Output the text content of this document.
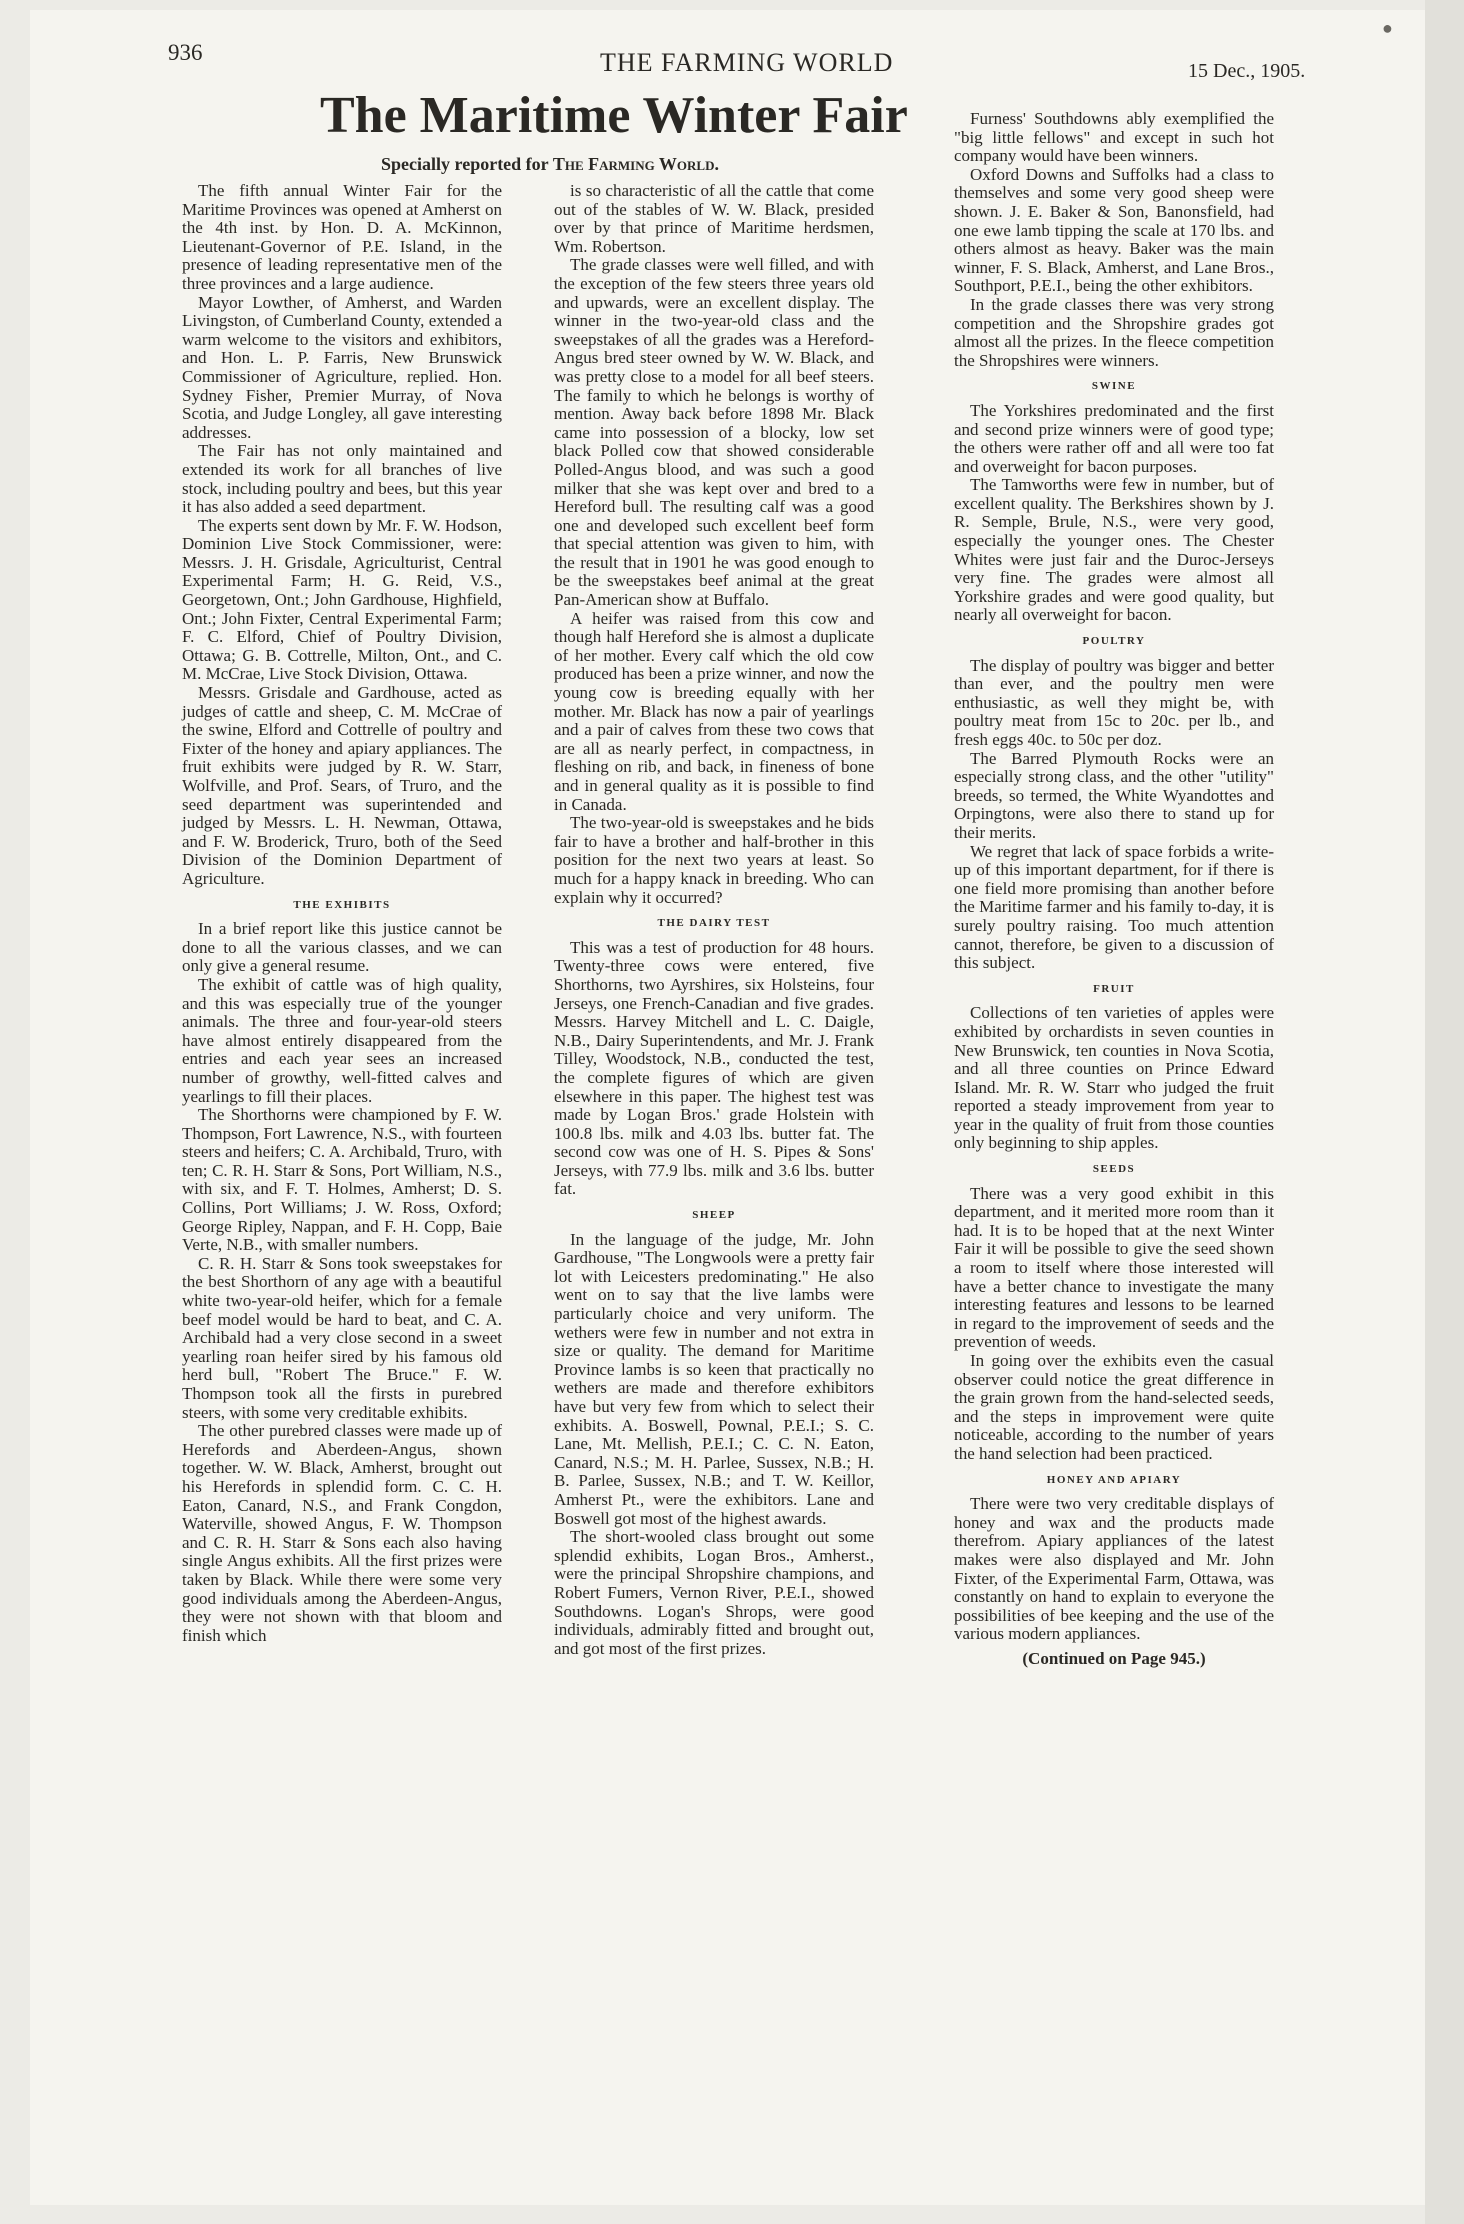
●
936	THE FARMING WORLD	15 Dec., 1905.
The Maritime Winter Fair
Specially reported for The Farming World.

The fifth annual Winter Fair for the Maritime Provinces was opened at Amherst on the 4th inst. by Hon. D. A. McKinnon, Lieutenant-Governor of P.E. Island, in the presence of leading representative men of the three provinces and a large audience.

Mayor Lowther, of Amherst, and Warden Livingston, of Cumberland County, extended a warm welcome to the visitors and exhibitors, and Hon. L. P. Farris, New Brunswick Commissioner of Agriculture, replied. Hon. Sydney Fisher, Premier Murray, of Nova Scotia, and Judge Longley, all gave interesting addresses.

The Fair has not only maintained and extended its work for all branches of live stock, including poultry and bees, but this year it has also added a seed department.

The experts sent down by Mr. F. W. Hodson, Dominion Live Stock Commissioner, were: Messrs. J. H. Grisdale, Agriculturist, Central Experimental Farm; H. G. Reid, V.S., Georgetown, Ont.; John Gardhouse, Highfield, Ont.; John Fixter, Central Experimental Farm; F. C. Elford, Chief of Poultry Division, Ottawa; G. B. Cottrelle, Milton, Ont., and C. M. McCrae, Live Stock Division, Ottawa.

Messrs. Grisdale and Gardhouse, acted as judges of cattle and sheep, C. M. McCrae of the swine, Elford and Cottrelle of poultry and Fixter of the honey and apiary appliances. The fruit exhibits were judged by R. W. Starr, Wolfville, and Prof. Sears, of Truro, and the seed department was superintended and judged by Messrs. L. H. Newman, Ottawa, and F. W. Broderick, Truro, both of the Seed Division of the Dominion Department of Agriculture.

THE EXHIBITS

In a brief report like this justice cannot be done to all the various classes, and we can only give a general resume.

The exhibit of cattle was of high quality, and this was especially true of the younger animals. The three and four-year-old steers have almost entirely disappeared from the entries and each year sees an increased number of growthy, well-fitted calves and yearlings to fill their places.

The Shorthorns were championed by F. W. Thompson, Fort Lawrence, N.S., with fourteen steers and heifers; C. A. Archibald, Truro, with ten; C. R. H. Starr & Sons, Port William, N.S., with six, and F. T. Holmes, Amherst; D. S. Collins, Port Williams; J. W. Ross, Oxford; George Ripley, Nappan, and F. H. Copp, Baie Verte, N.B., with smaller numbers.

C. R. H. Starr & Sons took sweepstakes for the best Shorthorn of any age with a beautiful white two-year-old heifer, which for a female beef model would be hard to beat, and C. A. Archibald had a very close second in a sweet yearling roan heifer sired by his famous old herd bull, "Robert The Bruce." F. W. Thompson took all the firsts in purebred steers, with some very creditable exhibits.

The other purebred classes were made up of Herefords and Aberdeen-Angus, shown together. W. W. Black, Amherst, brought out his Herefords in splendid form. C. C. H. Eaton, Canard, N.S., and Frank Congdon, Waterville, showed Angus, F. W. Thompson and C. R. H. Starr & Sons each also having single Angus exhibits. All the first prizes were taken by Black. While there were some very good individuals among the Aberdeen-Angus, they were not shown with that bloom and finish which

is so characteristic of all the cattle that come out of the stables of W. W. Black, presided over by that prince of Maritime herdsmen, Wm. Robertson.

The grade classes were well filled, and with the exception of the few steers three years old and upwards, were an excellent display. The winner in the two-year-old class and the sweepstakes of all the grades was a Hereford-Angus bred steer owned by W. W. Black, and was pretty close to a model for all beef steers. The family to which he belongs is worthy of mention. Away back before 1898 Mr. Black came into possession of a blocky, low set black Polled cow that showed considerable Polled-Angus blood, and was such a good milker that she was kept over and bred to a Hereford bull. The resulting calf was a good one and developed such excellent beef form that special attention was given to him, with the result that in 1901 he was good enough to be the sweepstakes beef animal at the great Pan-American show at Buffalo.

A heifer was raised from this cow and though half Hereford she is almost a duplicate of her mother. Every calf which the old cow produced has been a prize winner, and now the young cow is breeding equally with her mother. Mr. Black has now a pair of yearlings and a pair of calves from these two cows that are all as nearly perfect, in compactness, in fleshing on rib, and back, in fineness of bone and in general quality as it is possible to find in Canada.

The two-year-old is sweepstakes and he bids fair to have a brother and half-brother in this position for the next two years at least. So much for a happy knack in breeding. Who can explain why it occurred?

THE DAIRY TEST

This was a test of production for 48 hours. Twenty-three cows were entered, five Shorthorns, two Ayrshires, six Holsteins, four Jerseys, one French-Canadian and five grades. Messrs. Harvey Mitchell and L. C. Daigle, N.B., Dairy Superintendents, and Mr. J. Frank Tilley, Woodstock, N.B., conducted the test, the complete figures of which are given elsewhere in this paper. The highest test was made by Logan Bros.' grade Holstein with 100.8 lbs. milk and 4.03 lbs. butter fat. The second cow was one of H. S. Pipes & Sons' Jerseys, with 77.9 lbs. milk and 3.6 lbs. butter fat.

SHEEP

In the language of the judge, Mr. John Gardhouse, "The Longwools were a pretty fair lot with Leicesters predominating." He also went on to say that the live lambs were particularly choice and very uniform. The wethers were few in number and not extra in size or quality. The demand for Maritime Province lambs is so keen that practically no wethers are made and therefore exhibitors have but very few from which to select their exhibits. A. Boswell, Pownal, P.E.I.; S. C. Lane, Mt. Mellish, P.E.I.; C. C. N. Eaton, Canard, N.S.; M. H. Parlee, Sussex, N.B.; H. B. Parlee, Sussex, N.B.; and T. W. Keillor, Amherst Pt., were the exhibitors. Lane and Boswell got most of the highest awards.

The short-wooled class brought out some splendid exhibits, Logan Bros., Amherst., were the principal Shropshire champions, and Robert Fumers, Vernon River, P.E.I., showed Southdowns. Logan's Shrops, were good individuals, admirably fitted and brought out, and got most of the first prizes.

Furness' Southdowns ably exemplified the "big little fellows" and except in such hot company would have been winners.

Oxford Downs and Suffolks had a class to themselves and some very good sheep were shown. J. E. Baker & Son, Banonsfield, had one ewe lamb tipping the scale at 170 lbs. and others almost as heavy. Baker was the main winner, F. S. Black, Amherst, and Lane Bros., Southport, P.E.I., being the other exhibitors.

In the grade classes there was very strong competition and the Shropshire grades got almost all the prizes. In the fleece competition the Shropshires were winners.

SWINE

The Yorkshires predominated and the first and second prize winners were of good type; the others were rather off and all were too fat and overweight for bacon purposes.

The Tamworths were few in number, but of excellent quality. The Berkshires shown by J. R. Semple, Brule, N.S., were very good, especially the younger ones. The Chester Whites were just fair and the Duroc-Jerseys very fine. The grades were almost all Yorkshire grades and were good quality, but nearly all overweight for bacon.

POULTRY

The display of poultry was bigger and better than ever, and the poultry men were enthusiastic, as well they might be, with poultry meat from 15c to 20c. per lb., and fresh eggs 40c. to 50c per doz.

The Barred Plymouth Rocks were an especially strong class, and the other "utility" breeds, so termed, the White Wyandottes and Orpingtons, were also there to stand up for their merits.

We regret that lack of space forbids a write-up of this important department, for if there is one field more promising than another before the Maritime farmer and his family to-day, it is surely poultry raising. Too much attention cannot, therefore, be given to a discussion of this subject.

FRUIT

Collections of ten varieties of apples were exhibited by orchardists in seven counties in New Brunswick, ten counties in Nova Scotia, and all three counties on Prince Edward Island. Mr. R. W. Starr who judged the fruit reported a steady improvement from year to year in the quality of fruit from those counties only beginning to ship apples.

SEEDS

There was a very good exhibit in this department, and it merited more room than it had. It is to be hoped that at the next Winter Fair it will be possible to give the seed shown a room to itself where those interested will have a better chance to investigate the many interesting features and lessons to be learned in regard to the improvement of seeds and the prevention of weeds.

In going over the exhibits even the casual observer could notice the great difference in the grain grown from the hand-selected seeds, and the steps in improvement were quite noticeable, according to the number of years the hand selection had been practiced.

HONEY AND APIARY

There were two very creditable displays of honey and wax and the products made therefrom. Apiary appliances of the latest makes were also displayed and Mr. John Fixter, of the Experimental Farm, Ottawa, was constantly on hand to explain to everyone the possibilities of bee keeping and the use of the various modern appliances.

(Continued on Page 945.)
